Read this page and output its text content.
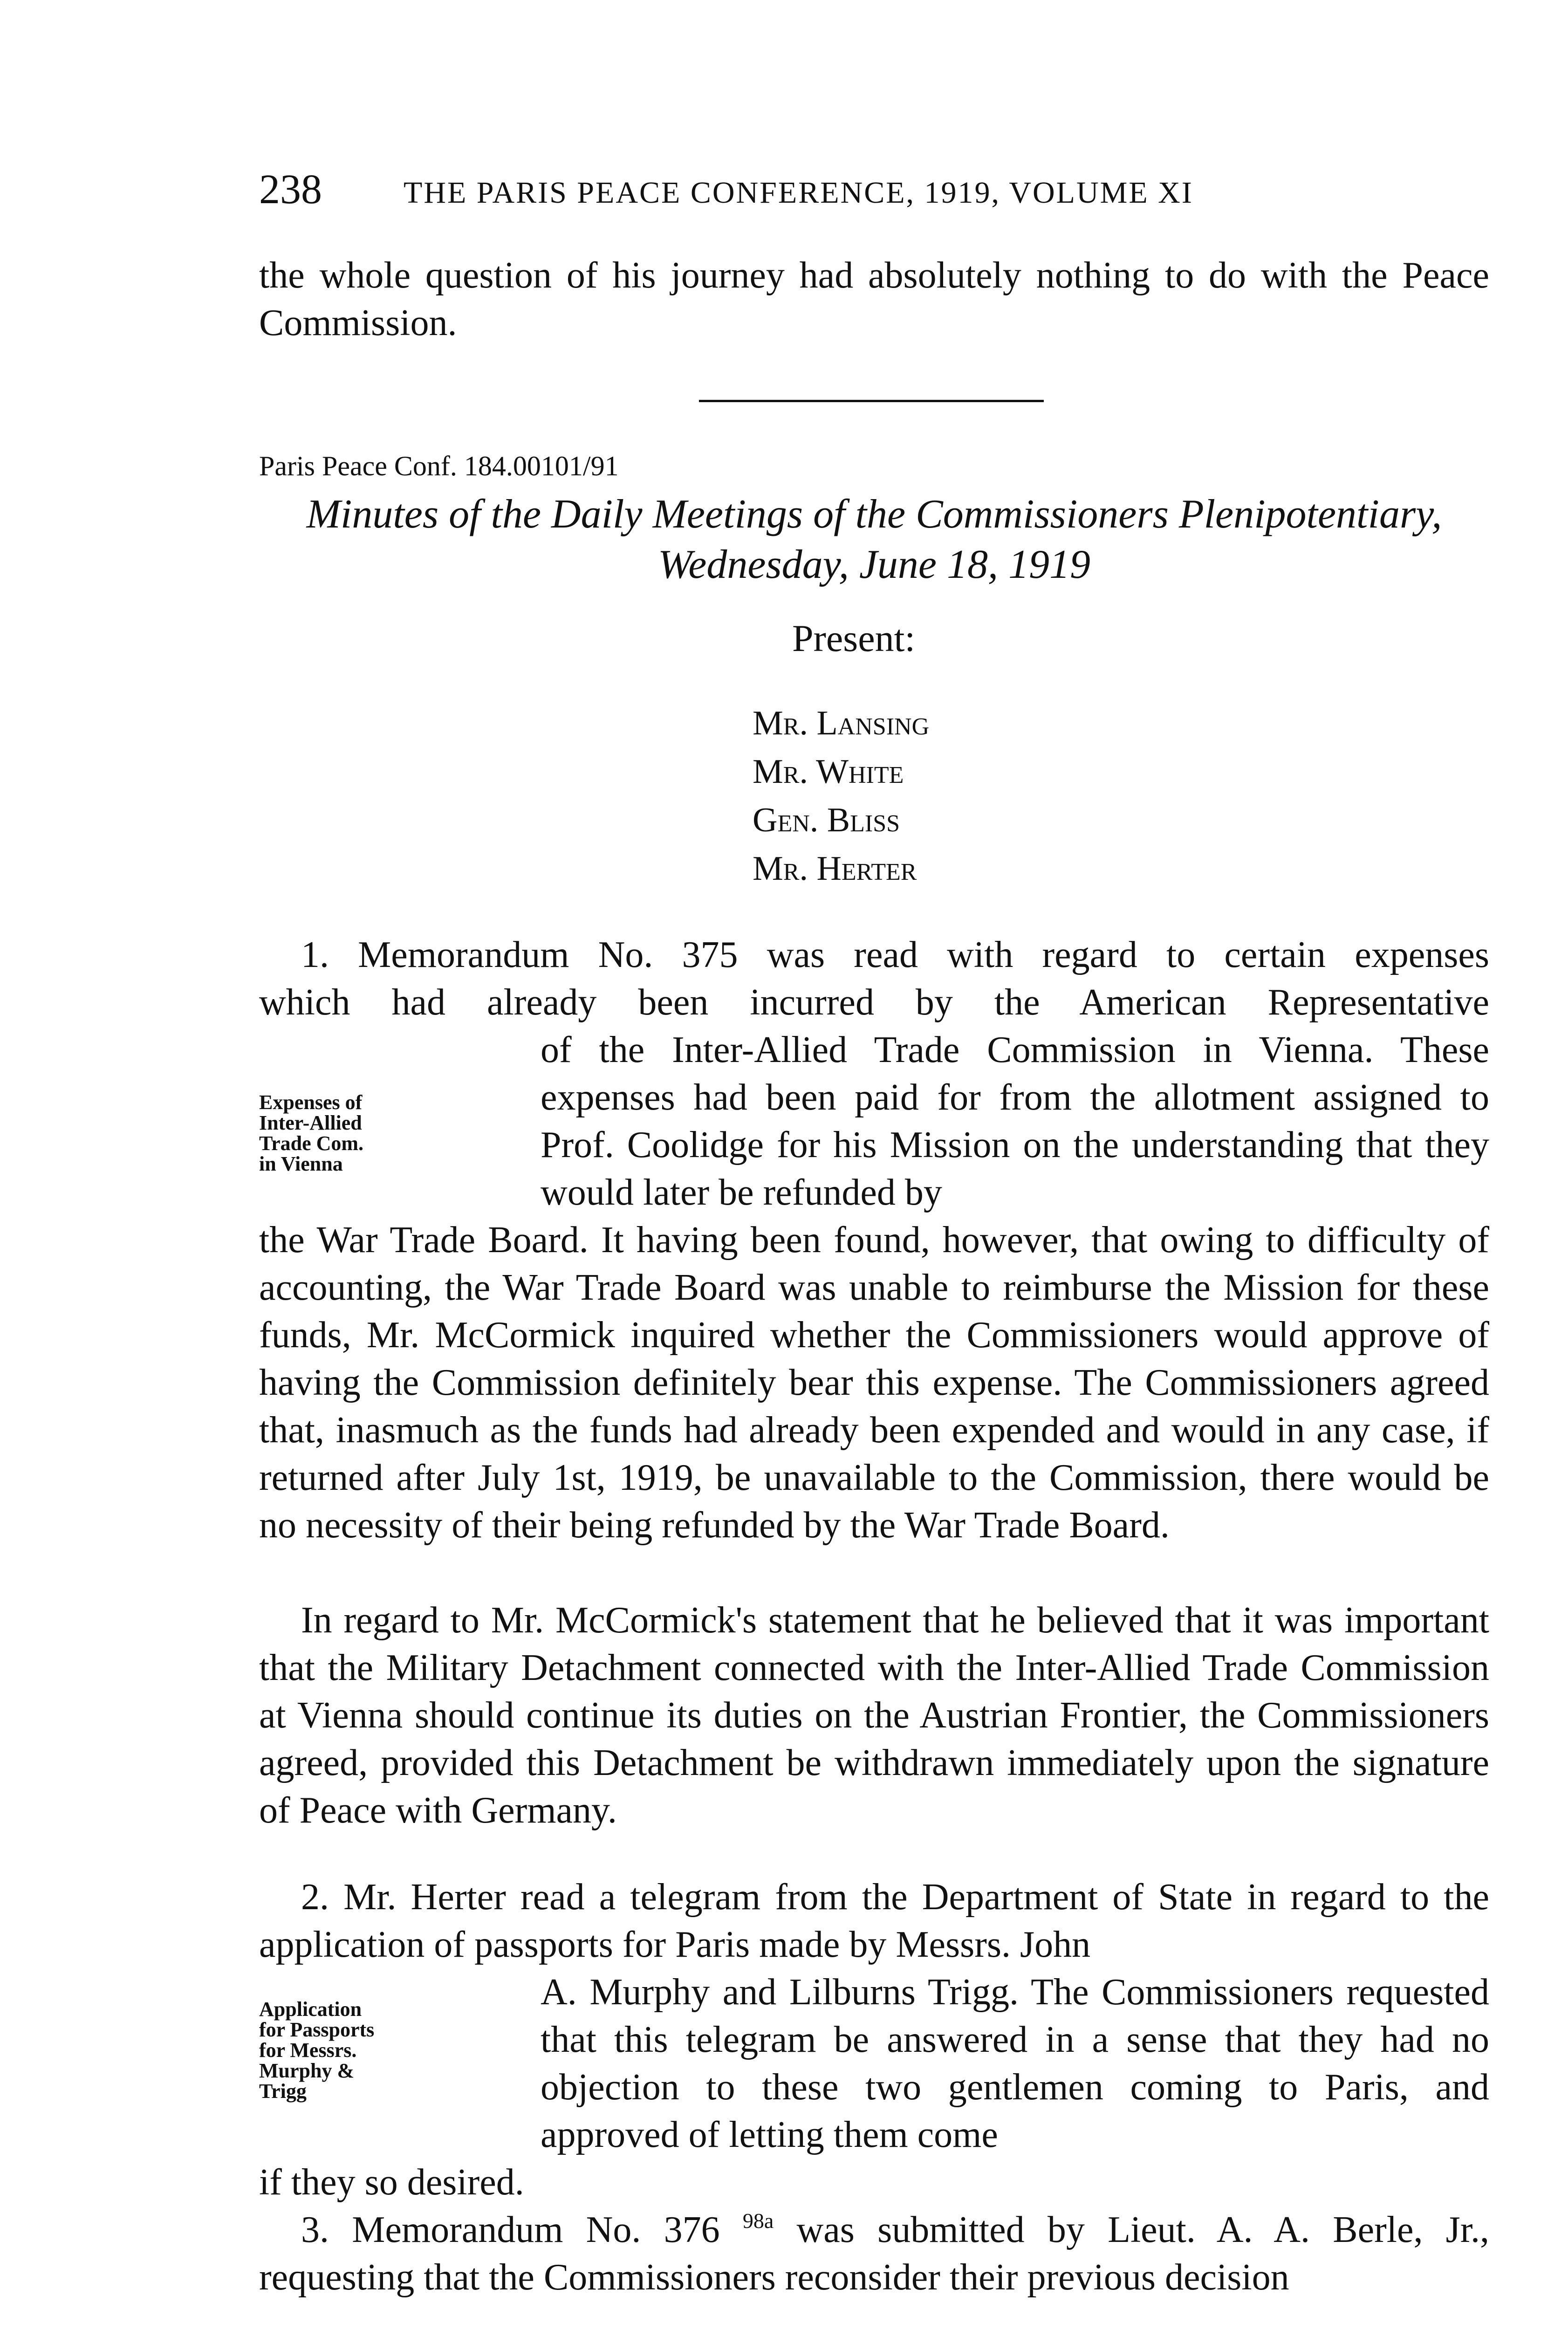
238	THE PARIS PEACE CONFERENCE, 1919, VOLUME XI
the whole question of his journey had absolutely nothing to do with the Peace Commission.
Paris Peace Conf. 184.00101/91
Minutes of the Daily Meetings of the Commissioners Plenipotentiary,
Wednesday, June 18, 1919
Present:
Mr. Lansing
Mr. White
Gen. Bliss
Mr. Herter
1. Memorandum No. 375 was read with regard to certain expenses
which had already been incurred by the American Representative
Expenses of
Inter-Allied
Trade Com.
in Vienna
of the Inter-Allied Trade Commission in Vienna. These expenses had been paid for from the allotment assigned to Prof. Coolidge for his Mission on the understanding that they would later be refunded by
the War Trade Board. It having been found, however, that owing to difficulty of accounting, the War Trade Board was unable to reimburse the Mission for these funds, Mr. McCormick inquired whether the Commissioners would approve of having the Commission definitely bear this expense. The Commissioners agreed that, inasmuch as the funds had already been expended and would in any case, if returned after July 1st, 1919, be unavailable to the Commission, there would be no necessity of their being refunded by the War Trade Board.
In regard to Mr. McCormick's statement that he believed that it was important that the Military Detachment connected with the Inter-Allied Trade Commission at Vienna should continue its duties on the Austrian Frontier, the Commissioners agreed, provided this Detachment be withdrawn immediately upon the signature of Peace with Germany.
2. Mr. Herter read a telegram from the Department of State in regard to the application of passports for Paris made by Messrs. John
Application
for Passports
for Messrs.
Murphy &
Trigg
A. Murphy and Lilburns Trigg. The Commissioners requested that this telegram be answered in a sense that they had no objection to these two gentlemen coming to Paris, and approved of letting them come
if they so desired.
3. Memorandum No. 376 $^{98a}$ was submitted by Lieut. A. A. Berle, Jr., requesting that the Commissioners reconsider their previous decision
